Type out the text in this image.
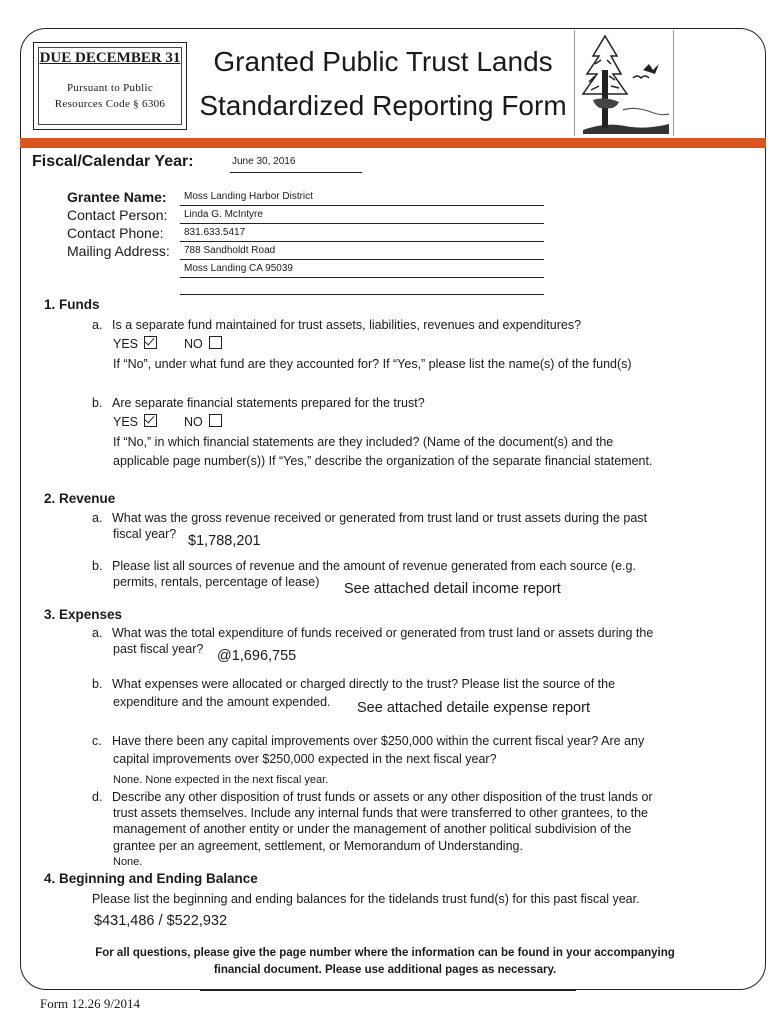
DUE DECEMBER 31
Pursuant to Public
Resources Code § 6306
Granted Public Trust Lands
Standardized Reporting Form
Fiscal/Calendar Year:	June 30, 2016
Grantee Name: Moss Landing Harbor District
Contact Person: Linda G. McIntyre
Contact Phone: 831.633.5417
Mailing Address: 788 Sandholdt Road
Moss Landing CA 95039
1. Funds
a. Is a separate fund maintained for trust assets, liabilities, revenues and expenditures?
YES	NO
If “No”, under what fund are they accounted for? If “Yes,” please list the name(s) of the fund(s)
b. Are separate financial statements prepared for the trust?
YES	NO
If “No,” in which financial statements are they included? (Name of the document(s) and the
applicable page number(s)) If “Yes,” describe the organization of the separate financial statement.
2. Revenue
a. What was the gross revenue received or generated from trust land or trust assets during the past
fiscal year? $1,788,201
b. Please list all sources of revenue and the amount of revenue generated from each source (e.g.
permits, rentals, percentage of lease) See attached detail income report
3. Expenses
a. What was the total expenditure of funds received or generated from trust land or assets during the
past fiscal year? @1,696,755
b. What expenses were allocated or charged directly to the trust? Please list the source of the
expenditure and the amount expended. See attached detaile expense report
c. Have there been any capital improvements over $250,000 within the current fiscal year? Are any
capital improvements over $250,000 expected in the next fiscal year?
None. None expected in the next fiscal year.
d. Describe any other disposition of trust funds or assets or any other disposition of the trust lands or
trust assets themselves. Include any internal funds that were transferred to other grantees, to the
management of another entity or under the management of another political subdivision of the
grantee per an agreement, settlement, or Memorandum of Understanding.
None.
4. Beginning and Ending Balance
Please list the beginning and ending balances for the tidelands trust fund(s) for this past fiscal year.
$431,486 / $522,932
For all questions, please give the page number where the information can be found in your accompanying
financial document. Please use additional pages as necessary.
Form 12.26 9/2014
